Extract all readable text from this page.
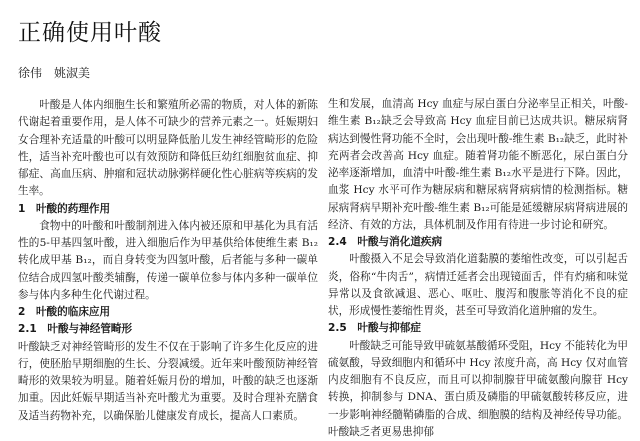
正确使用叶酸

徐伟　姚淑美

叶酸是人体内细胞生长和繁殖所必需的物质，对人体的新陈代谢起着重要作用，是人体不可缺少的营养元素之一。妊娠期妇女合理补充适量的叶酸可以明显降低胎儿发生神经管畸形的危险性，适当补充叶酸也可以有效预防和降低巨幼红细胞贫血症、抑郁症、高血压病、肿瘤和冠状动脉粥样硬化性心脏病等疾病的发生率。

1　叶酸的药理作用

食物中的叶酸和叶酸制剂进入体内被还原和甲基化为具有活性的5-甲基四氢叶酸，进入细胞后作为甲基供给体使维生素 B₁₂转化成甲基 B₁₂，而自身转变为四氢叶酸，后者能与多种一碳单位结合成四氢叶酸类辅酶，传递一碳单位参与体内多种一碳单位参与体内多种生化代谢过程。

2　叶酸的临床应用

2.1　叶酸与神经管畸形

叶酸缺乏对神经管畸形的发生不仅在于影响了许多生化反应的进行，使胚胎早期细胞的生长、分裂减缓。近年来叶酸预防神经管畸形的效果较为明显。随着妊娠月份的增加，叶酸的缺乏也逐渐加重。因此妊娠早期适当补充叶酸尤为重要。及时合理补充膳食及适当药物补充，以确保胎儿健康发育成长，提高人口素质。

生和发展，血清高 Hcy 血症与尿白蛋白分泌率呈正相关，叶酸-维生素 B₁₂缺乏会导致高 Hcy 血症目前已达成共识。糖尿病肾病达到慢性肾功能不全时，会出现叶酸-维生素 B₁₂缺乏，此时补充两者会改善高 Hcy 血症。随着肾功能不断恶化，尿白蛋白分泌率逐渐增加，血清中叶酸-维生素 B₁₂水平是进行下降。因此，血浆 Hcy 水平可作为糖尿病和糖尿病肾病病情的检测指标。糖尿病肾病早期补充叶酸-维生素 B₁₂可能是延缓糖尿病肾病进展的经济、有效的方法，具体机制及作用有待进一步讨论和研究。

2.4　叶酸与消化道疾病

叶酸摄入不足会导致消化道黏膜的萎缩性改变，可以引起舌炎，俗称“牛肉舌”，病情迁延者会出现镜面舌，伴有灼痛和味觉异常以及食欲减退、恶心、呕吐、腹泻和腹胀等消化不良的症状，形成慢性萎缩性胃炎，甚至可导致消化道肿瘤的发生。

2.5　叶酸与抑郁症

叶酸缺乏可能导致甲硫氨基酸循环受阻，Hcy 不能转化为甲硫氨酸，导致细胞内和循环中 Hcy 浓度升高，高 Hcy 仅对血管内皮细胞有不良反应，而且可以抑制腺苷甲硫氨酸向腺苷 Hcy 转换，抑制参与 DNA、蛋白质及磷脂的甲硫氨酸转移反应，进一步影响神经髓鞘磷脂的合成、细胞膜的结构及神经传导功能。叶酸缺乏者更易患抑郁
